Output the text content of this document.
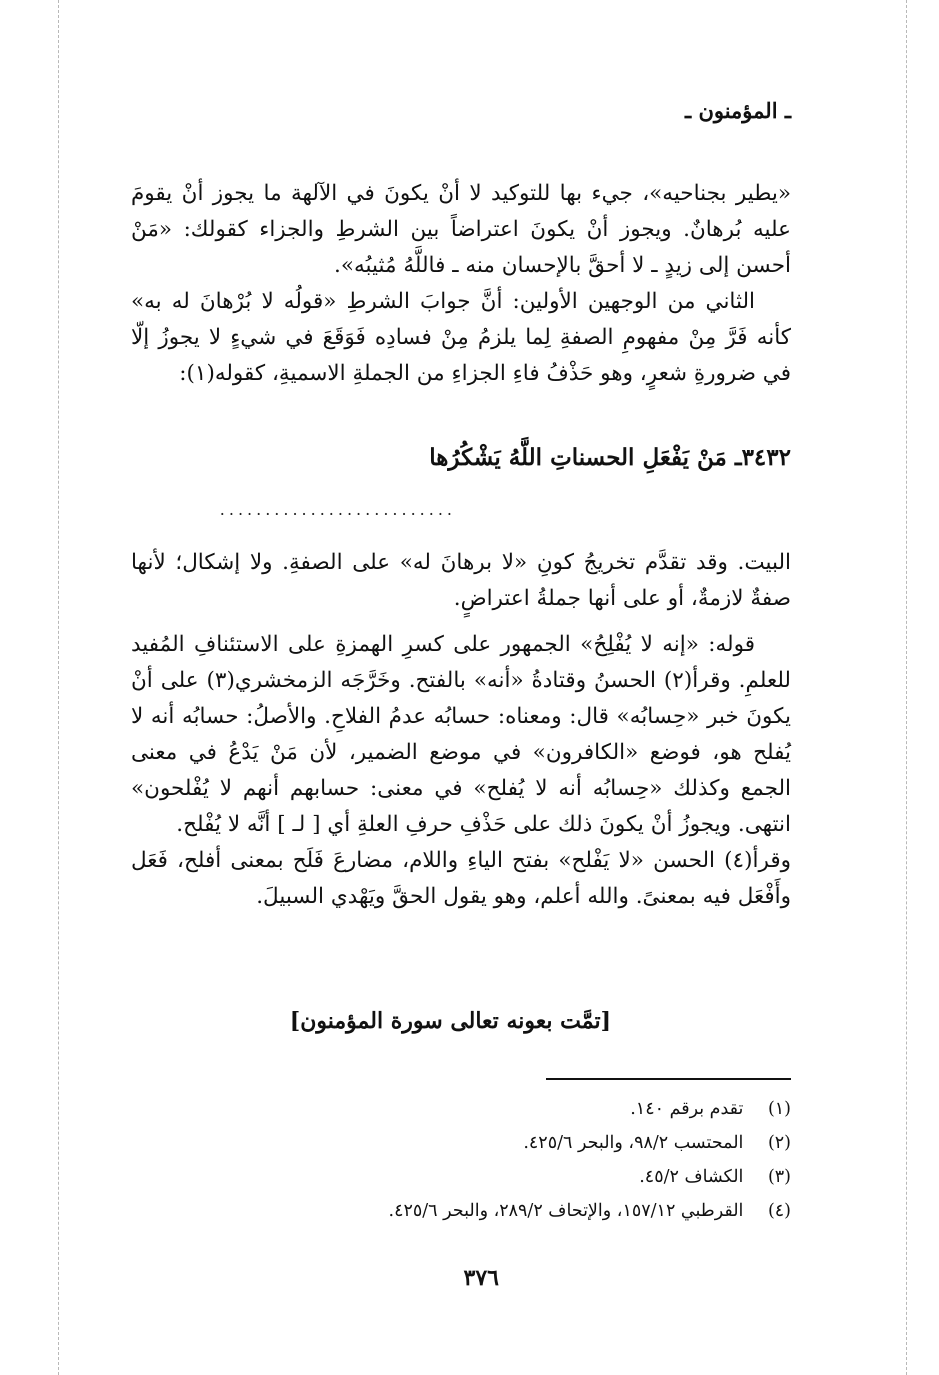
ـ المؤمنون ـ

«يطير بجناحيه»، جيء بها للتوكيد لا أنْ يكونَ في الآلهة ما يجوز أنْ يقومَ عليه بُرهانٌ. ويجوز أنْ يكونَ اعتراضاً بين الشرطِ والجزاء كقولك: «مَنْ أحسن إلى زيدٍ ـ لا أحقَّ بالإحسان منه ـ فاللَّهُ مُثيبُه».

الثاني من الوجهين الأولين: أنَّ جوابَ الشرطِ «قولُه لا بُرْهانَ له به» كأنه فَرَّ مِنْ مفهومِ الصفةِ لِما يلزمُ مِنْ فسادِه فَوَقَعَ في شيءٍ لا يجوزُ إلّا في ضرورةِ شعرٍ، وهو حَذْفُ فاءِ الجزاءِ من الجملةِ الاسميةِ، كقوله(١):

٣٤٣٢ـ مَنْ يَفْعَلِ الحسناتِ اللَّهُ يَشْكُرُها
..........................

البيت. وقد تقدَّم تخريجُ كونِ «لا برهانَ له» على الصفةِ. ولا إشكال؛ لأنها صفةٌ لازمةٌ، أو على أنها جملةُ اعتراضٍ.

قوله: «إنه لا يُفْلِحُ» الجمهور على كسرِ الهمزةِ على الاستئنافِ المُفيد للعلمِ. وقرأ(٢) الحسنُ وقتادةُ «أنه» بالفتح. وخَرَّجَه الزمخشري(٣) على أنْ يكونَ خبر «حِسابُه» قال: ومعناه: حسابُه عدمُ الفلاحِ. والأصلُ: حسابُه أنه لا يُفلح هو، فوضع «الكافرون» في موضع الضمير، لأن مَنْ يَدْعُ في معنى الجمع وكذلك «حِسابُه أنه لا يُفلح» في معنى: حسابهم أنهم لا يُفْلحون» انتهى. ويجوزُ أنْ يكونَ ذلك على حَذْفِ حرفِ العلةِ أي [ لـ ] أنَّه لا يُفْلح.

وقرأ(٤) الحسن «لا يَفْلح» بفتح الياءِ واللام، مضارعَ فَلَح بمعنى أفلح، فَعَل وأَفْعَل فيه بمعنىً. والله أعلم، وهو يقول الحقَّ ويَهْدي السبيلَ.

[تمَّت بعونه تعالى سورة المؤمنون]
(١) تقدم برقم ١٤٠.
(٢) المحتسب ٩٨/٢، والبحر ٤٢٥/٦.
(٣) الكشاف ٤٥/٢.
(٤) القرطبي ١٥٧/١٢، والإتحاف ٢٨٩/٢، والبحر ٤٢٥/٦.
٣٧٦
